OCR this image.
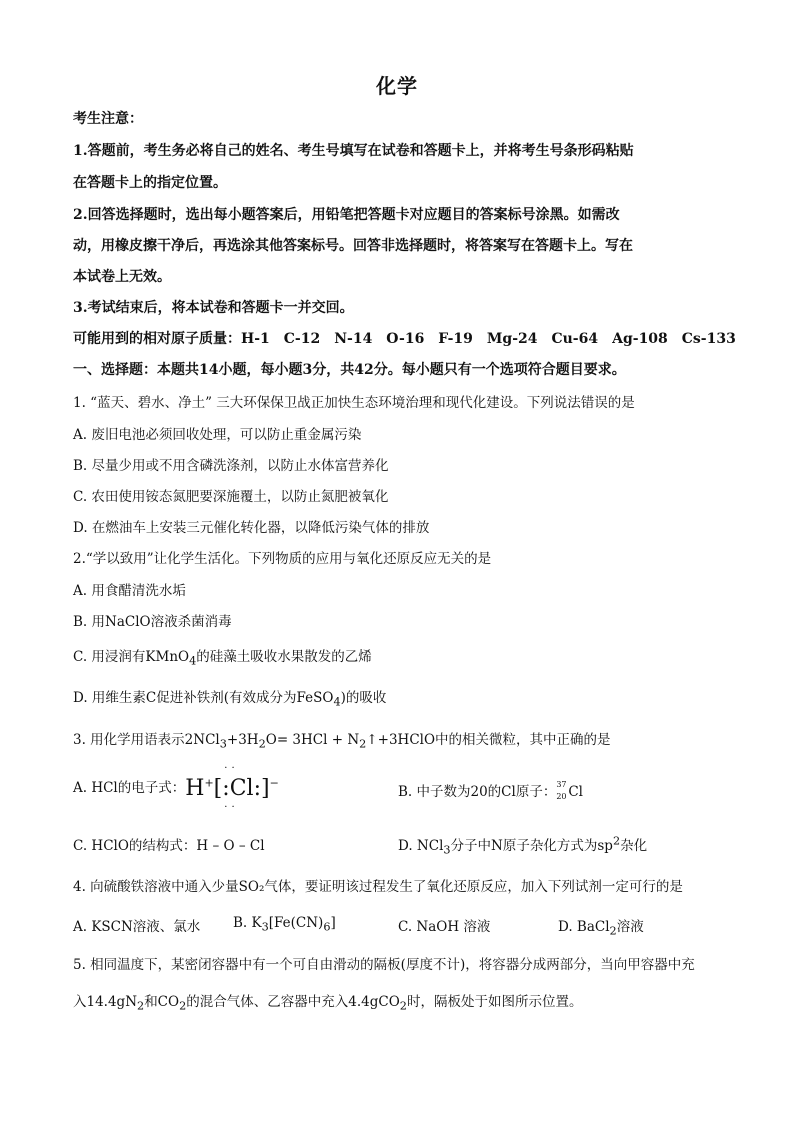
化学
考生注意：
1.答题前，考生务必将自己的姓名、考生号填写在试卷和答题卡上，并将考生号条形码粘贴
在答题卡上的指定位置。
2.回答选择题时，选出每小题答案后，用铅笔把答题卡对应题目的答案标号涂黑。如需改
动，用橡皮擦干净后，再选涂其他答案标号。回答非选择题时，将答案写在答题卡上。写在
本试卷上无效。
3.考试结束后，将本试卷和答题卡一并交回。
可能用到的相对原子质量：H-1　C-12　N-14　O-16　F-19　Mg-24　Cu-64　Ag-108　Cs-133
一、选择题：本题共14小题，每小题3分，共42分。每小题只有一个选项符合题目要求。
1. “蓝天、碧水、净土” 三大环保保卫战正加快生态环境治理和现代化建设。下列说法错误的是
A. 废旧电池必须回收处理，可以防止重金属污染
B. 尽量少用或不用含磷洗涤剂，以防止水体富营养化
C. 农田使用铵态氮肥要深施覆土，以防止氮肥被氧化
D. 在燃油车上安装三元催化转化器，以降低污染气体的排放
2.“学以致用”让化学生活化。下列物质的应用与氧化还原反应无关的是
A. 用食醋清洗水垢
B. 用NaClO溶液杀菌消毒
C. 用浸润有KMnO$_4$的硅藻土吸收水果散发的乙烯
D. 用维生素C促进补铁剂(有效成分为FeSO$_4$)的吸收
3. 用化学用语表示$2NCl_3+3H_2O= 3HCl$ + $N_2↑+3HClO$中的相关微粒，其中正确的是
A. HCl的电子式：H+[
··
:Cl:
··
]−
B. 中子数为20的Cl原子： 37
20 Cl
C. HClO的结构式：H – O – Cl	D. NCl$_3$分子中N原子杂化方式为$sp^2$杂化
4. 向硫酸铁溶液中通入少量SO₂气体，要证明该过程发生了氧化还原反应，加入下列试剂一定可行的是
A. KSCN溶液、氯水 B. $K_3[Fe(CN)_6]$	C. NaOH 溶液	D. BaCl$_2$溶液
5. 相同温度下，某密闭容器中有一个可自由滑动的隔板(厚度不计)，将容器分成两部分，当向甲容器中充
入$14.4gN_2$和$CO_2$的混合气体、乙容器中充入4.4gCO$_2$时，隔板处于如图所示位置。
